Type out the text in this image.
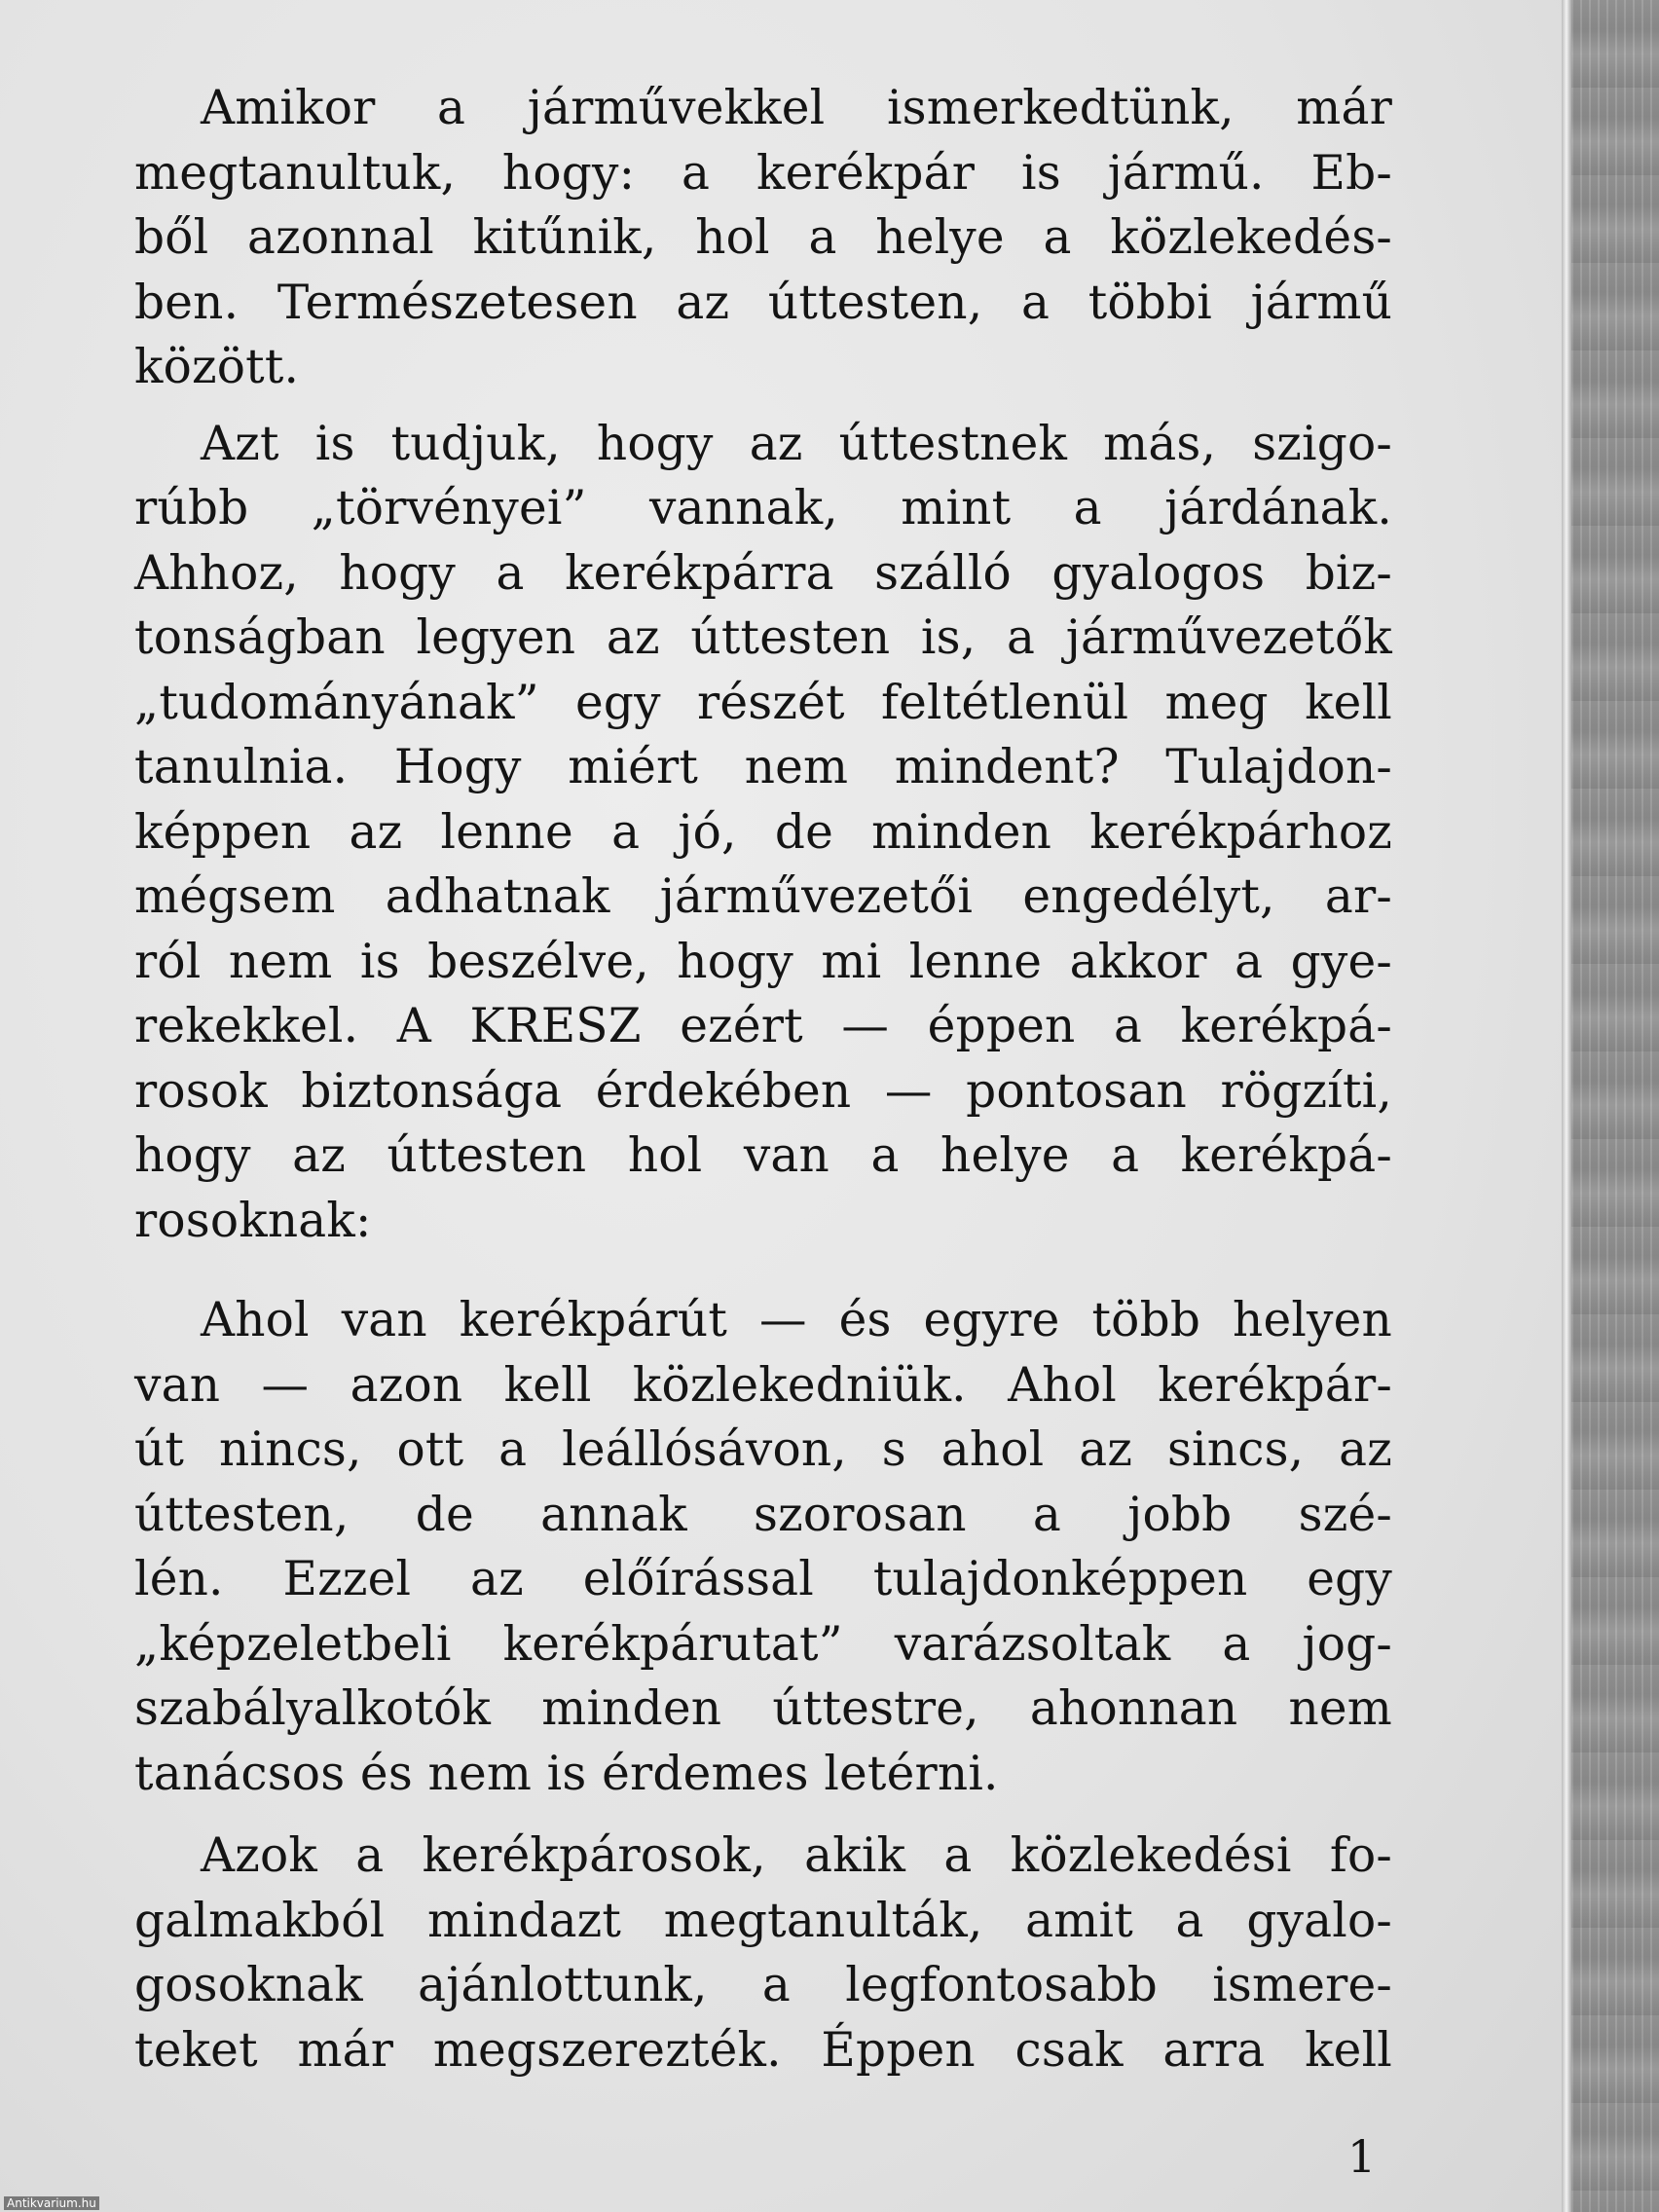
Amikor a járművekkel ismerkedtünk, már
megtanultuk, hogy: a kerékpár is jármű. Eb-
ből azonnal kitűnik, hol a helye a közlekedés-
ben. Természetesen az úttesten, a többi jármű
között.
Azt is tudjuk, hogy az úttestnek más, szigo-
rúbb „törvényei” vannak, mint a járdának.
Ahhoz, hogy a kerékpárra szálló gyalogos biz-
tonságban legyen az úttesten is, a járművezetők
„tudományának” egy részét feltétlenül meg kell
tanulnia. Hogy miért nem mindent? Tulajdon-
képpen az lenne a jó, de minden kerékpárhoz
mégsem adhatnak járművezetői engedélyt, ar-
ról nem is beszélve, hogy mi lenne akkor a gye-
rekekkel. A KRESZ ezért — éppen a kerékpá-
rosok biztonsága érdekében — pontosan rögzíti,
hogy az úttesten hol van a helye a kerékpá-
rosoknak:
Ahol van kerékpárút — és egyre több helyen
van — azon kell közlekedniük. Ahol kerékpár-
út nincs, ott a leállósávon, s ahol az sincs, az
úttesten, de annak szorosan a jobb szé-
lén. Ezzel az előírással tulajdonképpen egy
„képzeletbeli kerékpárutat” varázsoltak a jog-
szabályalkotók minden úttestre, ahonnan nem
tanácsos és nem is érdemes letérni.
Azok a kerékpárosok, akik a közlekedési fo-
galmakból mindazt megtanulták, amit a gyalo-
gosoknak ajánlottunk, a legfontosabb ismere-
teket már megszerezték. Éppen csak arra kell
1
Antikvarium.hu
